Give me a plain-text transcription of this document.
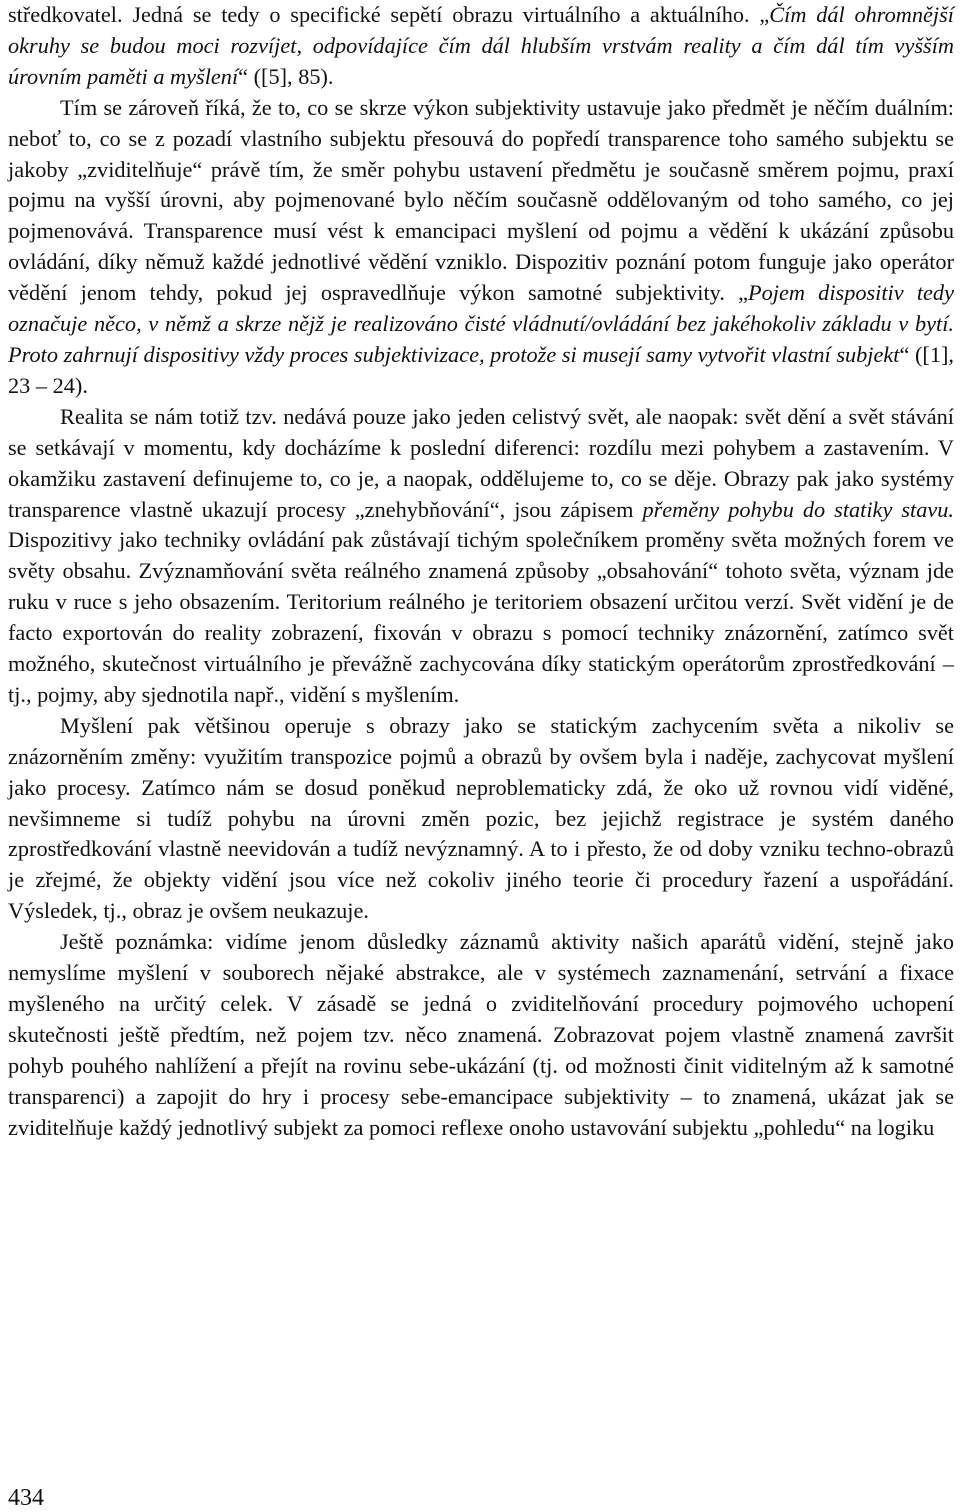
středkovatel. Jedná se tedy o specifické sepětí obrazu virtuálního a aktuálního. „Čím dál ohromnější okruhy se budou moci rozvíjet, odpovídajíce čím dál hlubším vrstvám reality a čím dál tím vyšším úrovním paměti a myšlení“ ([5], 85).

Tím se zároveň říká, že to, co se skrze výkon subjektivity ustavuje jako předmět je něčím duálním: neboť to, co se z pozadí vlastního subjektu přesouvá do popředí transparence toho samého subjektu se jakoby „zviditelňuje“ právě tím, že směr pohybu ustavení předmětu je současně směrem pojmu, praxí pojmu na vyšší úrovni, aby pojmenované bylo něčím současně oddělovaným od toho samého, co jej pojmenovává. Transparence musí vést k emancipaci myšlení od pojmu a vědění k ukázání způsobu ovládání, díky němuž každé jednotlivé vědění vzniklo. Dispozitiv poznání potom funguje jako operátor vědění jenom tehdy, pokud jej ospravedlňuje výkon samotné subjektivity. „Pojem dispositiv tedy označuje něco, v němž a skrze nějž je realizováno čisté vládnutí/ovládání bez jakéhokoliv základu v bytí. Proto zahrnují dispositivy vždy proces subjektivizace, protože si musejí samy vytvořit vlastní subjekt“ ([1], 23 – 24).

Realita se nám totiž tzv. nedává pouze jako jeden celistvý svět, ale naopak: svět dění a svět stávání se setkávají v momentu, kdy docházíme k poslední diferenci: rozdílu mezi pohybem a zastavením. V okamžiku zastavení definujeme to, co je, a naopak, oddělujeme to, co se děje. Obrazy pak jako systémy transparence vlastně ukazují procesy „znehybňování“, jsou zápisem přeměny pohybu do statiky stavu. Dispozitivy jako techniky ovládání pak zůstávají tichým společníkem proměny světa možných forem ve světy obsahu. Zvýznamňování světa reálného znamená způsoby „obsahování“ tohoto světa, význam jde ruku v ruce s jeho obsazením. Teritorium reálného je teritoriem obsazení určitou verzí. Svět vidění je de facto exportován do reality zobrazení, fixován v obrazu s pomocí techniky znázornění, zatímco svět možného, skutečnost virtuálního je převážně zachycována díky statickým operátorům zprostředkování – tj., pojmy, aby sjednotila např., vidění s myšlením.

Myšlení pak většinou operuje s obrazy jako se statickým zachycením světa a nikoliv se znázorněním změny: využitím transpozice pojmů a obrazů by ovšem byla i naděje, zachycovat myšlení jako procesy. Zatímco nám se dosud poněkud neproblematicky zdá, že oko už rovnou vidí viděné, nevšimneme si tudíž pohybu na úrovni změn pozic, bez jejichž registrace je systém daného zprostředkování vlastně neevidován a tudíž nevýznamný. A to i přesto, že od doby vzniku techno-obrazů je zřejmé, že objekty vidění jsou více než cokoliv jiného teorie či procedury řazení a uspořádání. Výsledek, tj., obraz je ovšem neukazuje.

Ještě poznámka: vidíme jenom důsledky záznamů aktivity našich aparátů vidění, stejně jako nemyslíme myšlení v souborech nějaké abstrakce, ale v systémech zaznamenání, setrvání a fixace myšleného na určitý celek. V zásadě se jedná o zviditelňování procedury pojmového uchopení skutečnosti ještě předtím, než pojem tzv. něco znamená. Zobrazovat pojem vlastně znamená završit pohyb pouhého nahlížení a přejít na rovinu sebe-ukázání (tj. od možnosti činit viditelným až k samotné transparenci) a zapojit do hry i procesy sebe-emancipace subjektivity – to znamená, ukázat jak se zviditelňuje každý jednotlivý subjekt za pomoci reflexe onoho ustavování subjektu „pohledu“ na logiku

434
